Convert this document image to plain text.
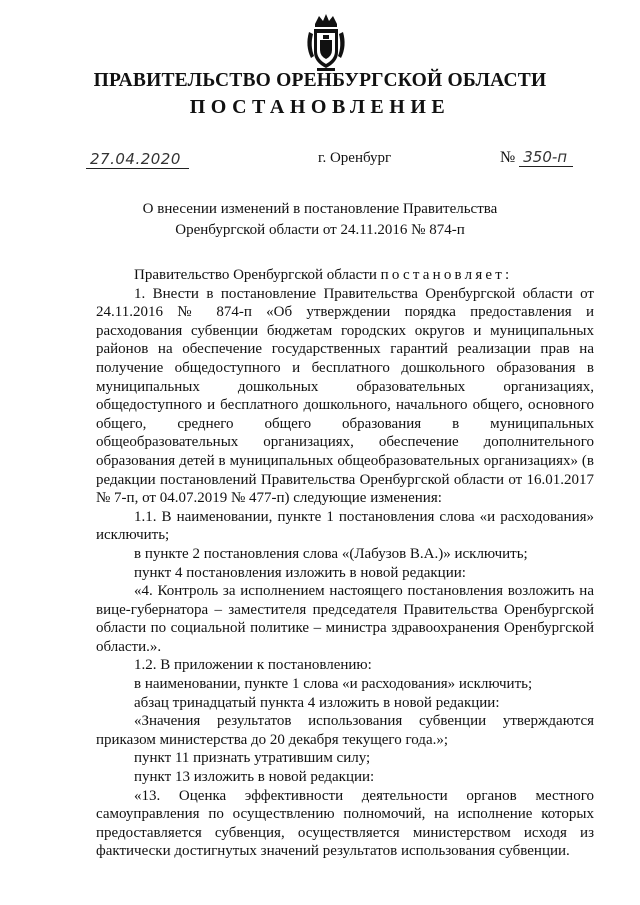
ПРАВИТЕЛЬСТВО ОРЕНБУРГСКОЙ ОБЛАСТИ
ПОСТАНОВЛЕНИЕ
27.04.2020	г. Оренбург	№ 350-п
О внесении изменений в постановление Правительства
Оренбургской области от 24.11.2016 № 874-п

Правительство Оренбургской области постановляет:

1. Внести в постановление Правительства Оренбургской области от 24.11.2016 № 874-п «Об утверждении порядка предоставления и расходования субвенции бюджетам городских округов и муниципальных районов на обеспечение государственных гарантий реализации прав на получение общедоступного и бесплатного дошкольного образования в муниципальных дошкольных образовательных организациях, общедоступного и бесплатного дошкольного, начального общего, основного общего, среднего общего образования в муниципальных общеобразовательных организациях, обеспечение дополнительного образования детей в муниципальных общеобразовательных организациях» (в редакции постановлений Правительства Оренбургской области от 16.01.2017 № 7-п, от 04.07.2019 № 477-п) следующие изменения:

1.1. В наименовании, пункте 1 постановления слова «и расходования» исключить;

в пункте 2 постановления слова «(Лабузов В.А.)» исключить;

пункт 4 постановления изложить в новой редакции:

«4. Контроль за исполнением настоящего постановления возложить на вице-губернатора – заместителя председателя Правительства Оренбургской области по социальной политике – министра здравоохранения Оренбургской области.».

1.2. В приложении к постановлению:

в наименовании, пункте 1 слова «и расходования» исключить;

абзац тринадцатый пункта 4 изложить в новой редакции:

«Значения результатов использования субвенции утверждаются приказом министерства до 20 декабря текущего года.»;

пункт 11 признать утратившим силу;

пункт 13 изложить в новой редакции:

«13. Оценка эффективности деятельности органов местного самоуправления по осуществлению полномочий, на исполнение которых предоставляется субвенция, осуществляется министерством исходя из фактически достигнутых значений результатов использования субвенции.
